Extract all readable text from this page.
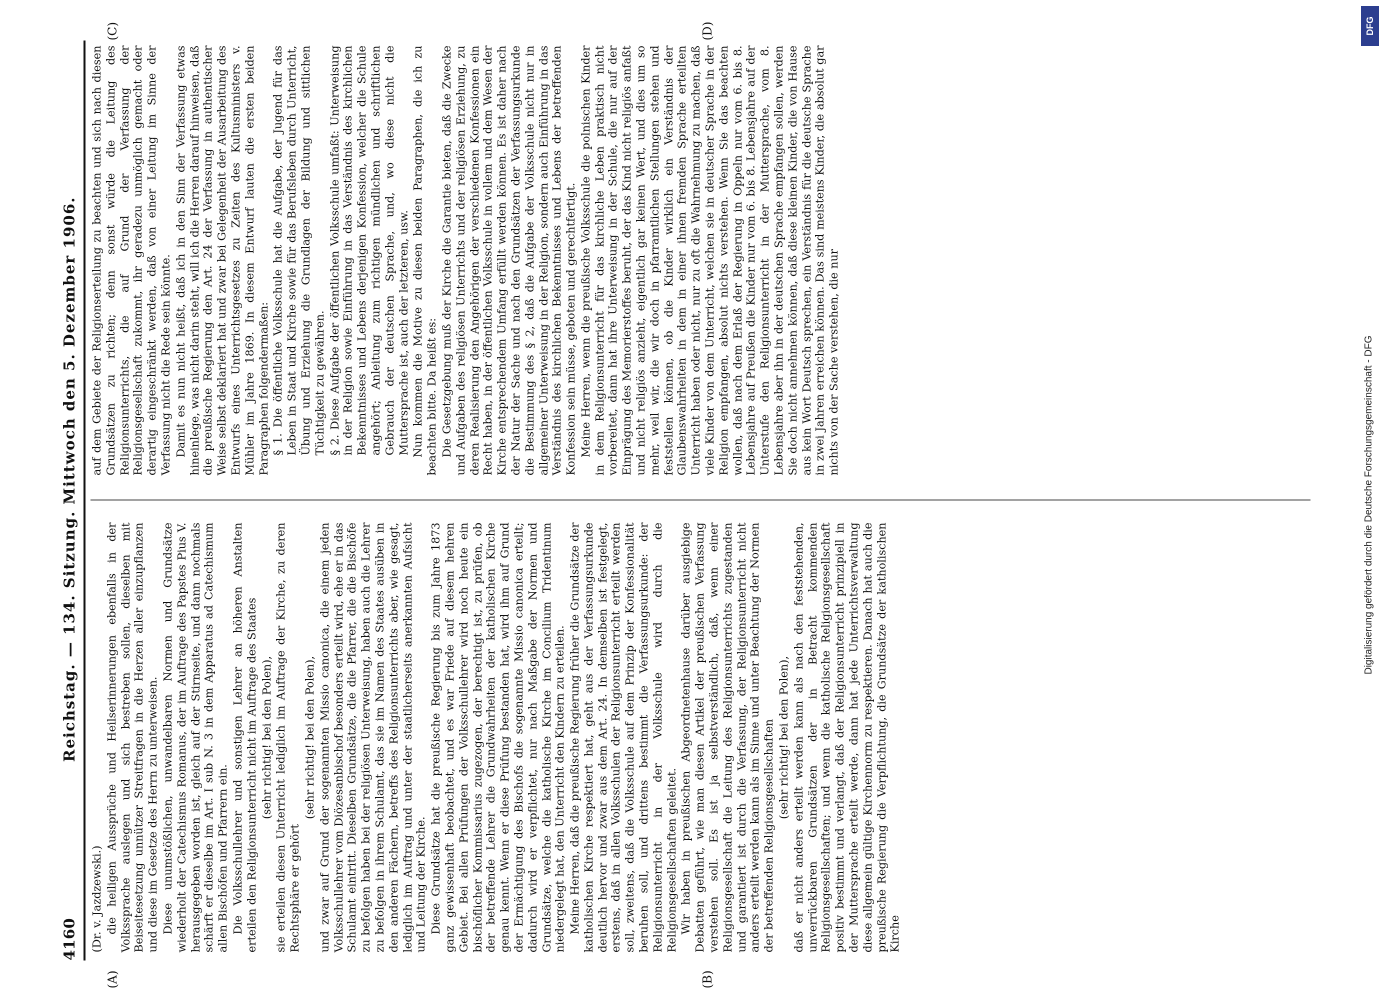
4160
Reichstag. — 134. Sitzung. Mittwoch den 5. Dezember 1906.
(A)	(B)
(C)	(D)

(Dr. v. Jazdzewski.) die heiligen Aussprüche und Heilserinnerungen ebenfalls in der Volkssprache auslegen und sich bestreben sollen, dieselben mit Beiseitesetzung unnützer Streitfragen in die Herzen aller einzupflanzen und diese im Gesetze des Herrn zu unterweisen. Diese unumstößlichen, unwandelbaren Normen und Grundsätze wiederholt der Catechismus Romanus, der im Auftrage des Papstes Pius V. herausgegeben worden ist, gleich auf der Stirnseite, und dann nochmals schärft er dieselbe im Art. I sub N. 3 in dem Apparatus ad Catechismum allen Bischöfen und Pfarrern ein. Die Volksschullehrer und sonstigen Lehrer an höheren Anstalten erteilen den Religionsunterricht nicht im Auftrage des Staates (sehr richtig! bei den Polen), sie erteilen diesen Unterricht lediglich im Auftrage der Kirche, zu deren Rechtsphäre er gehört

(sehr richtig! bei den Polen), und zwar auf Grund der sogenannten Missio canonica, die einem jeden Volksschullehrer vom Diözesanbischof besonders erteilt wird, ehe er in das Schulamt eintritt. Dieselben Grundsätze, die die Pfarrer, die die Bischöfe zu befolgen haben bei der religiösen Unterweisung, haben auch die Lehrer zu befolgen in ihrem Schulamt, das sie im Namen des Staates ausüben in den anderen Fächern, betreffs des Religionsunterrichts aber, wie gesagt, lediglich im Auftrag und unter der staatlicherseits anerkannten Aufsicht und Leitung der Kirche. Diese Grundsätze hat die preußische Regierung bis zum Jahre 1873 ganz gewissenhaft beobachtet, und es war Friede auf diesem hehren Gebiet. Bei allen Prüfungen der Volksschullehrer wird noch heute ein bischöflicher Kommissarius zugezogen, der berechtigt ist, zu prüfen, ob der betreffende Lehrer die Grundwahrheiten der katholischen Kirche genau kennt. Wenn er diese Prüfung bestanden hat, wird ihm auf Grund der Ermächtigung des Bischofs die sogenannte Missio canonica erteilt; dadurch wird er verpflichtet, nur nach Maßgabe der Normen und Grundsätze, welche die katholische Kirche im Concilium Tridentinum niedergelegt hat, den Unterricht den Kindern zu erteilen. Meine Herren, daß die preußische Regierung früher die Grundsätze der katholischen Kirche respektiert hat, geht aus der Verfassungsurkunde deutlich hervor und zwar aus dem Art. 24. In demselben ist festgelegt, erstens, daß in allen Volksschulen der Religionsunterricht erteilt werden soll, zweitens, daß die Volksschule auf dem Prinzip der Konfessionalität beruhen soll, und drittens bestimmt die Verfassungsurkunde: der Religionsunterricht in der Volksschule wird durch die Religionsgesellschaften geleitet. Wir haben in preußischen Abgeordnetenhause darüber ausgiebige Debatten geführt, wie man diesen Artikel der preußischen Verfassung verstehen soll. Es ist ja selbstverständlich, daß, wenn einer Religionsgesellschaft die Leitung des Religionsunterrichts zugestanden und garantiert ist durch die Verfassung, der Religionsunterricht nicht anders erteilt werden kann als im Sinne und unter Beachtung der Normen der betreffenden Religionsgesellschaften (sehr richtig! bei den Polen), daß er nicht anders erteilt werden kann als nach den feststehenden, unverrückbaren Grundsätzen der in Betracht kommenden Religionsgesellschaften; und wenn die katholische Religionsgesellschaft positiv bestimmt und verlangt, daß der Religionsunterricht prinzipiell in der Muttersprache erteilt werde, dann hat jede Unterrichtsverwaltung diese allgemein gültige Kirchennorm zu respektieren. Danach hat auch die preußische Regierung die Verpflichtung, die Grundsätze der katholischen Kirche

auf dem Gebiete der Religionserteilung zu beachten und sich nach diesen Grundsätzen zu richten; denn sonst würde die Leitung des Religionsunterrichts, die auf Grund der Verfassung der Religionsgesellschaft zukommt, ihr geradezu unmöglich gemacht oder derartig eingeschränkt werden, daß von einer Leitung im Sinne der Verfassung nicht die Rede sein könnte. Damit es nun nicht heißt, daß ich in den Sinn der Verfassung etwas hineinlege, was nicht darin steht, will ich die Herren darauf hinweisen, daß die preußische Regierung den Art. 24 der Verfassung in authentischer Weise selbst deklariert hat und zwar bei Gelegenheit der Ausarbeitung des Entwurfs eines Unterrichtsgesetzes zu Zeiten des Kultusministers v. Mühler im Jahre 1869. In diesem Entwurf lauten die ersten beiden Paragraphen folgendermaßen: § 1. Die öffentliche Volksschule hat die Aufgabe, der Jugend für das Leben in Staat und Kirche sowie für das Berufsleben durch Unterricht, Übung und Erziehung die Grundlagen der Bildung und sittlichen Tüchtigkeit zu gewähren. § 2. Diese Aufgabe der öffentlichen Volksschule umfaßt: Unterweisung in der Religion sowie Einführung in das Verständnis des kirchlichen Bekenntnisses und Lebens derjenigen Konfession, welcher die Schule angehört; Anleitung zum richtigen mündlichen und schriftlichen Gebrauch der deutschen Sprache, und, wo diese nicht die Muttersprache ist, auch der letzteren, usw. Nun kommen die Motive zu diesen beiden Paragraphen, die ich zu beachten bitte. Da heißt es: Die Gesetzgebung muß der Kirche die Garantie bieten, daß die Zwecke und Aufgaben des religiösen Unterrichts und der religiösen Erziehung, zu deren Realisierung den Angehörigen der verschiedenen Konfessionen ein Recht haben, in der öffentlichen Volksschule in vollem und dem Wesen der Kirche entsprechendem Umfang erfüllt werden können. Es ist daher nach der Natur der Sache und nach den Grundsätzen der Verfassungsurkunde die Bestimmung des § 2, daß die Aufgabe der Volksschule nicht nur in allgemeiner Unterweisung in der Religion, sondern auch Einführung in das Verständnis des kirchlichen Bekenntnisses und Lebens der betreffenden Konfession sein müsse, geboten und gerechtfertigt. Meine Herren, wenn die preußische Volksschule die polnischen Kinder in dem Religionsunterricht für das kirchliche Leben praktisch nicht vorbereitet, dann hat ihre Unterweisung in der Schule, die nur auf der Einprägung des Memorierstoffes beruht, der das Kind nicht religiös anfaßt und nicht religiös anzieht, eigentlich gar keinen Wert, und dies um so mehr, weil wir, die wir doch in pfarramtlichen Stellungen stehen und feststellen können, ob die Kinder wirklich ein Verständnis der Glaubenswahrheiten in dem in einer ihnen fremden Sprache erteilten Unterricht haben oder nicht, nur zu oft die Wahrnehmung zu machen, daß viele Kinder von dem Unterricht, welchen sie in deutscher Sprache in der Religion empfangen, absolut nichts verstehen. Wenn Sie das beachten wollen, daß nach dem Erlaß der Regierung in Oppeln nur vom 6. bis 8. Lebensjahre auf Preußen die Kinder nur vom 6. bis 8. Lebensjahre auf der Unterstufe den Religionsunterricht in der Muttersprache, vom 8. Lebensjahre aber ihn in der deutschen Sprache empfangen sollen, werden Sie doch nicht annehmen können, daß diese kleinen Kinder, die von Hause aus kein Wort Deutsch sprechen, ein Verständnis für die deutsche Sprache in zwei Jahren erreichen können. Das sind meistens Kinder, die absolut gar nichts von der Sache verstehen, die nur	Digitalisierung gefördert durch die Deutsche Forschungsgemeinschaft - DFG
DFG
